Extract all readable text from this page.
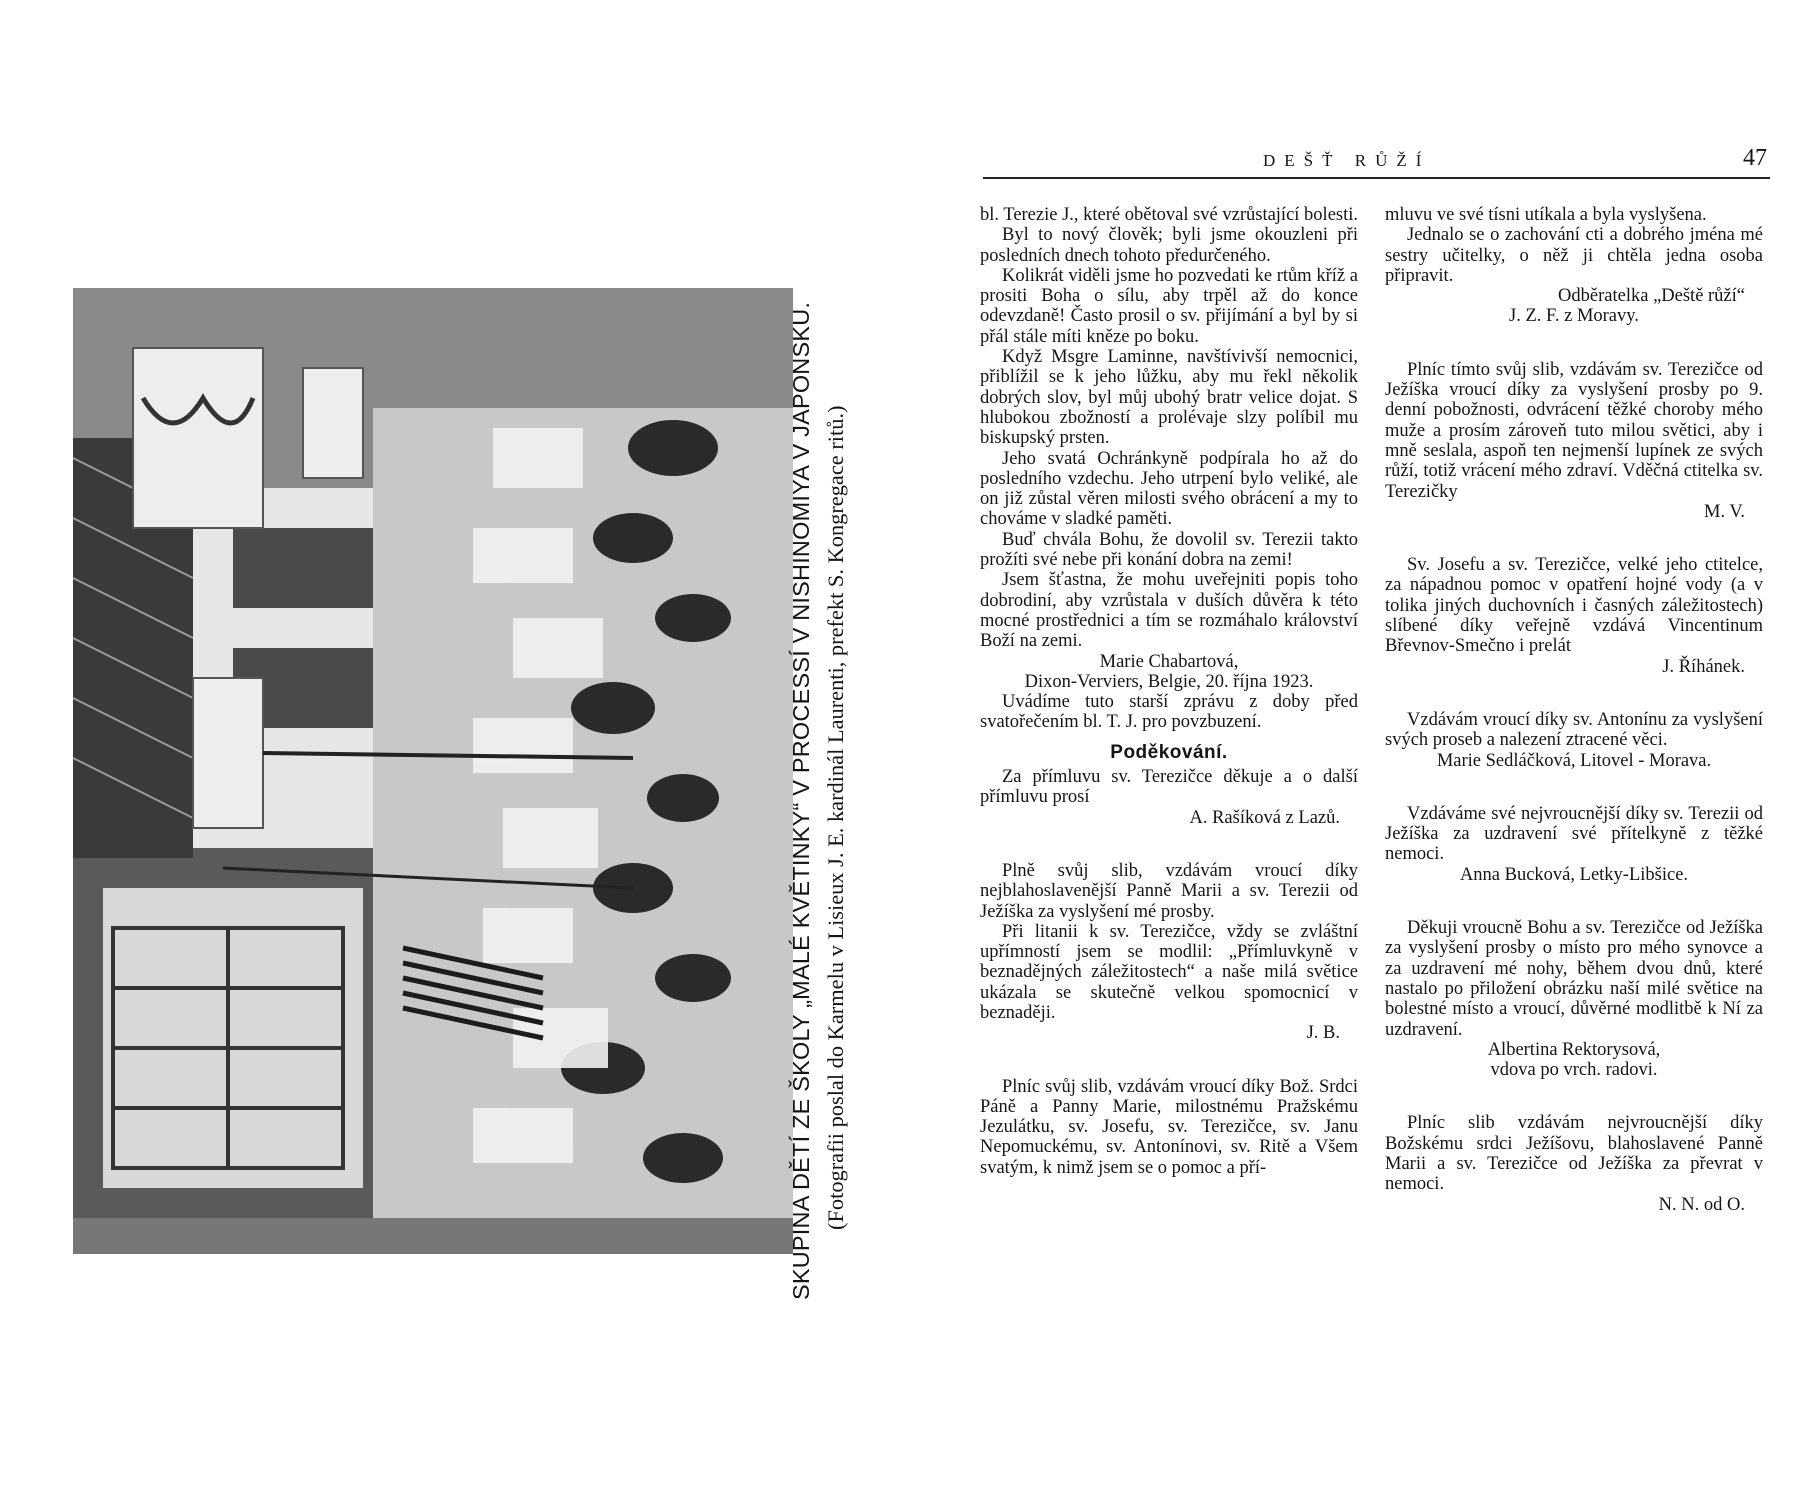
SKUPINA DĚTÍ ZE ŠKOLY „MALÉ KVĚTINKY“ V PROCESSÍ V NISHINOMIYA V JAPONSKU. (Fotografii poslal do Karmelu v Lisieux J. E. kardinál Laurenti, prefekt S. Kongregace ritů.)
DEŠŤ RŮŽÍ	47

bl. Terezie J., které obětoval své vzrůstající bolesti.

Byl to nový člověk; byli jsme okouzleni při posledních dnech tohoto předurčeného.

Kolikrát viděli jsme ho pozvedati ke rtům kříž a prositi Boha o sílu, aby trpěl až do konce odevzdaně! Často prosil o sv. přijímání a byl by si přál stále míti kněze po boku.

Když Msgre Laminne, navštívivší nemocnici, přiblížil se k jeho lůžku, aby mu řekl několik dobrých slov, byl můj ubohý bratr velice dojat. S hlubokou zbožností a prolévaje slzy políbil mu biskupský prsten.

Jeho svatá Ochránkyně podpírala ho až do posledního vzdechu. Jeho utrpení bylo veliké, ale on již zůstal věren milosti svého obrácení a my to chováme v sladké paměti.

Buď chvála Bohu, že dovolil sv. Terezii takto prožíti své nebe při konání dobra na zemi!

Jsem šťastna, že mohu uveřejniti popis toho dobrodiní, aby vzrůstala v duších důvěra k této mocné prostřednici a tím se rozmáhalo království Boží na zemi.

Marie Chabartová,

Dixon-Verviers, Belgie, 20. října 1923.

Uvádíme tuto starší zprávu z doby před svatořečením bl. T. J. pro povzbuzení.

Poděkování.

Za přímluvu sv. Terezičce děkuje a o další přímluvu prosí

A. Rašíková z Lazů.

Plně svůj slib, vzdávám vroucí díky nejblahoslavenější Panně Marii a sv. Terezii od Ježíška za vyslyšení mé prosby.

Při litanii k sv. Terezičce, vždy se zvláštní upřímností jsem se modlil: „Přímluvkyně v beznadějných záležitostech“ a naše milá světice ukázala se skutečně velkou spomocnicí v beznaději.

J. B.

Plníc svůj slib, vzdávám vroucí díky Bož. Srdci Páně a Panny Marie, milostnému Pražskému Jezulátku, sv. Josefu, sv. Terezičce, sv. Janu Nepomuckému, sv. Antonínovi, sv. Ritě a Všem svatým, k nimž jsem se o pomoc a pří-

mluvu ve své tísni utíkala a byla vyslyšena.

Jednalo se o zachování cti a dobrého jména mé sestry učitelky, o něž ji chtěla jedna osoba připravit.

Odběratelka „Deště růží“

J. Z. F. z Moravy.

Plníc tímto svůj slib, vzdávám sv. Terezičce od Ježíška vroucí díky za vyslyšení prosby po 9. denní pobožnosti, odvrácení těžké choroby mého muže a prosím zároveň tuto milou světici, aby i mně seslala, aspoň ten nejmenší lupínek ze svých růží, totiž vrácení mého zdraví. Vděčná ctitelka sv. Terezičky

M. V.

Sv. Josefu a sv. Terezičce, velké jeho ctitelce, za nápadnou pomoc v opatření hojné vody (a v tolika jiných duchovních i časných záležitostech) slíbené díky veřejně vzdává Vincentinum Břevnov-Smečno i prelát

J. Říhánek.

Vzdávám vroucí díky sv. Antonínu za vyslyšení svých proseb a nalezení ztracené věci.

Marie Sedláčková, Litovel - Morava.

Vzdáváme své nejvroucnější díky sv. Terezii od Ježíška za uzdravení své přítelkyně z těžké nemoci.

Anna Bucková, Letky-Libšice.

Děkuji vroucně Bohu a sv. Terezičce od Ježíška za vyslyšení prosby o místo pro mého synovce a za uzdravení mé nohy, během dvou dnů, které nastalo po přiložení obrázku naší milé světice na bolestné místo a vroucí, důvěrné modlitbě k Ní za uzdravení.

Albertina Rektorysová,

vdova po vrch. radovi.

Plníc slib vzdávám nejvroucnější díky Božskému srdci Ježíšovu, blahoslavené Panně Marii a sv. Terezičce od Ježíška za převrat v nemoci.

N. N. od O.
